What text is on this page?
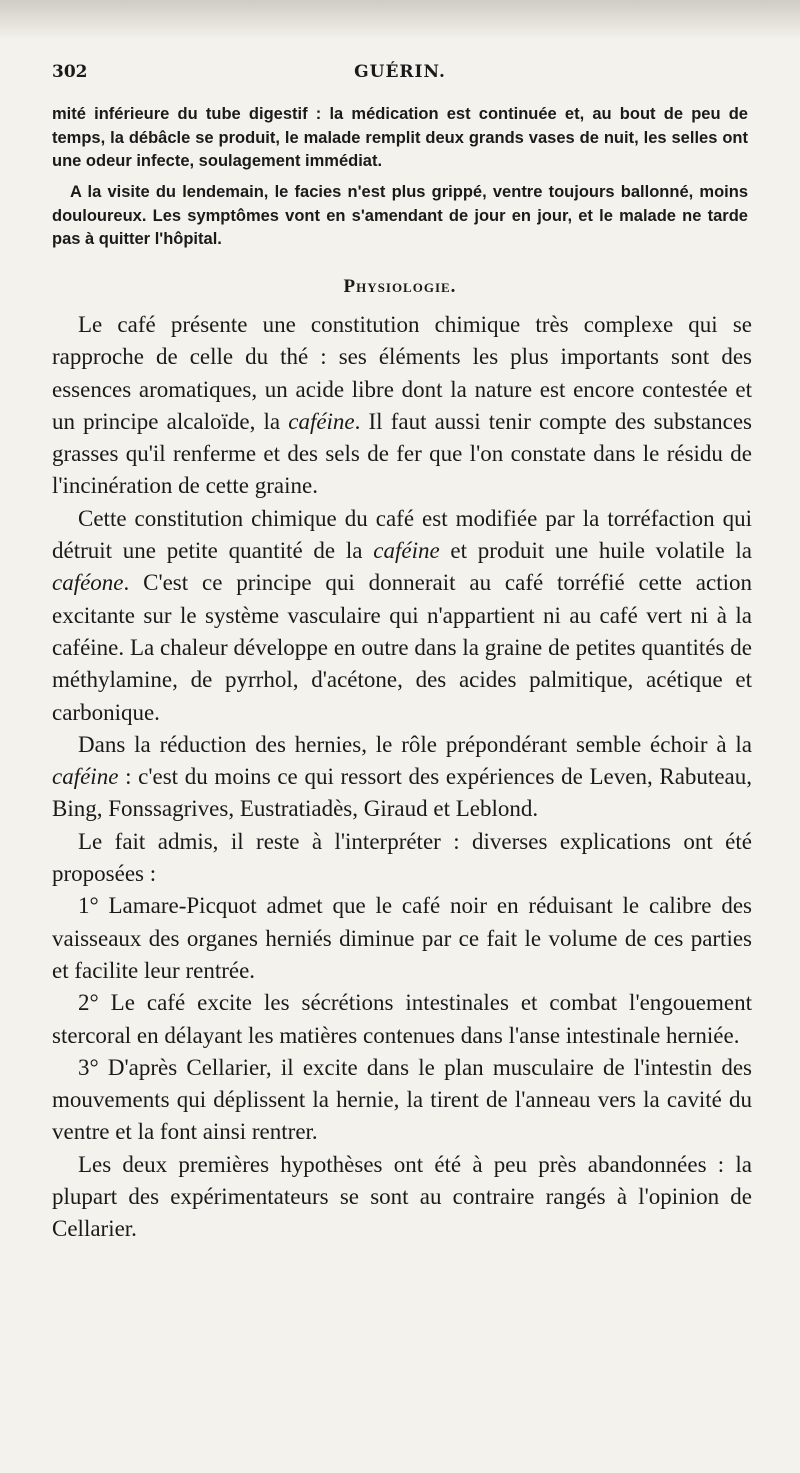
302	GUÉRIN.
mité inférieure du tube digestif : la médication est continuée et, au bout de peu de temps, la débâcle se produit, le malade remplit deux grands vases de nuit, les selles ont une odeur infecte, soulagement immédiat.
A la visite du lendemain, le facies n'est plus grippé, ventre toujours ballonné, moins douloureux. Les symptômes vont en s'amendant de jour en jour, et le malade ne tarde pas à quitter l'hôpital.
Physiologie.

Le café présente une constitution chimique très complexe qui se rapproche de celle du thé : ses éléments les plus importants sont des essences aromatiques, un acide libre dont la nature est encore contestée et un principe alcaloïde, la caféine. Il faut aussi tenir compte des substances grasses qu'il renferme et des sels de fer que l'on constate dans le résidu de l'incinération de cette graine.

Cette constitution chimique du café est modifiée par la torréfaction qui détruit une petite quantité de la caféine et produit une huile volatile la caféone. C'est ce principe qui donnerait au café torréfié cette action excitante sur le système vasculaire qui n'appartient ni au café vert ni à la caféine. La chaleur développe en outre dans la graine de petites quantités de méthylamine, de pyrrhol, d'acétone, des acides palmitique, acétique et carbonique.

Dans la réduction des hernies, le rôle prépondérant semble échoir à la caféine : c'est du moins ce qui ressort des expériences de Leven, Rabuteau, Bing, Fonssagrives, Eustratiadès, Giraud et Leblond.

Le fait admis, il reste à l'interpréter : diverses explications ont été proposées :

1° Lamare-Picquot admet que le café noir en réduisant le calibre des vaisseaux des organes herniés diminue par ce fait le volume de ces parties et facilite leur rentrée.

2° Le café excite les sécrétions intestinales et combat l'engouement stercoral en délayant les matières contenues dans l'anse intestinale herniée.

3° D'après Cellarier, il excite dans le plan musculaire de l'intestin des mouvements qui déplissent la hernie, la tirent de l'anneau vers la cavité du ventre et la font ainsi rentrer.

Les deux premières hypothèses ont été à peu près abandonnées : la plupart des expérimentateurs se sont au contraire rangés à l'opinion de Cellarier.
